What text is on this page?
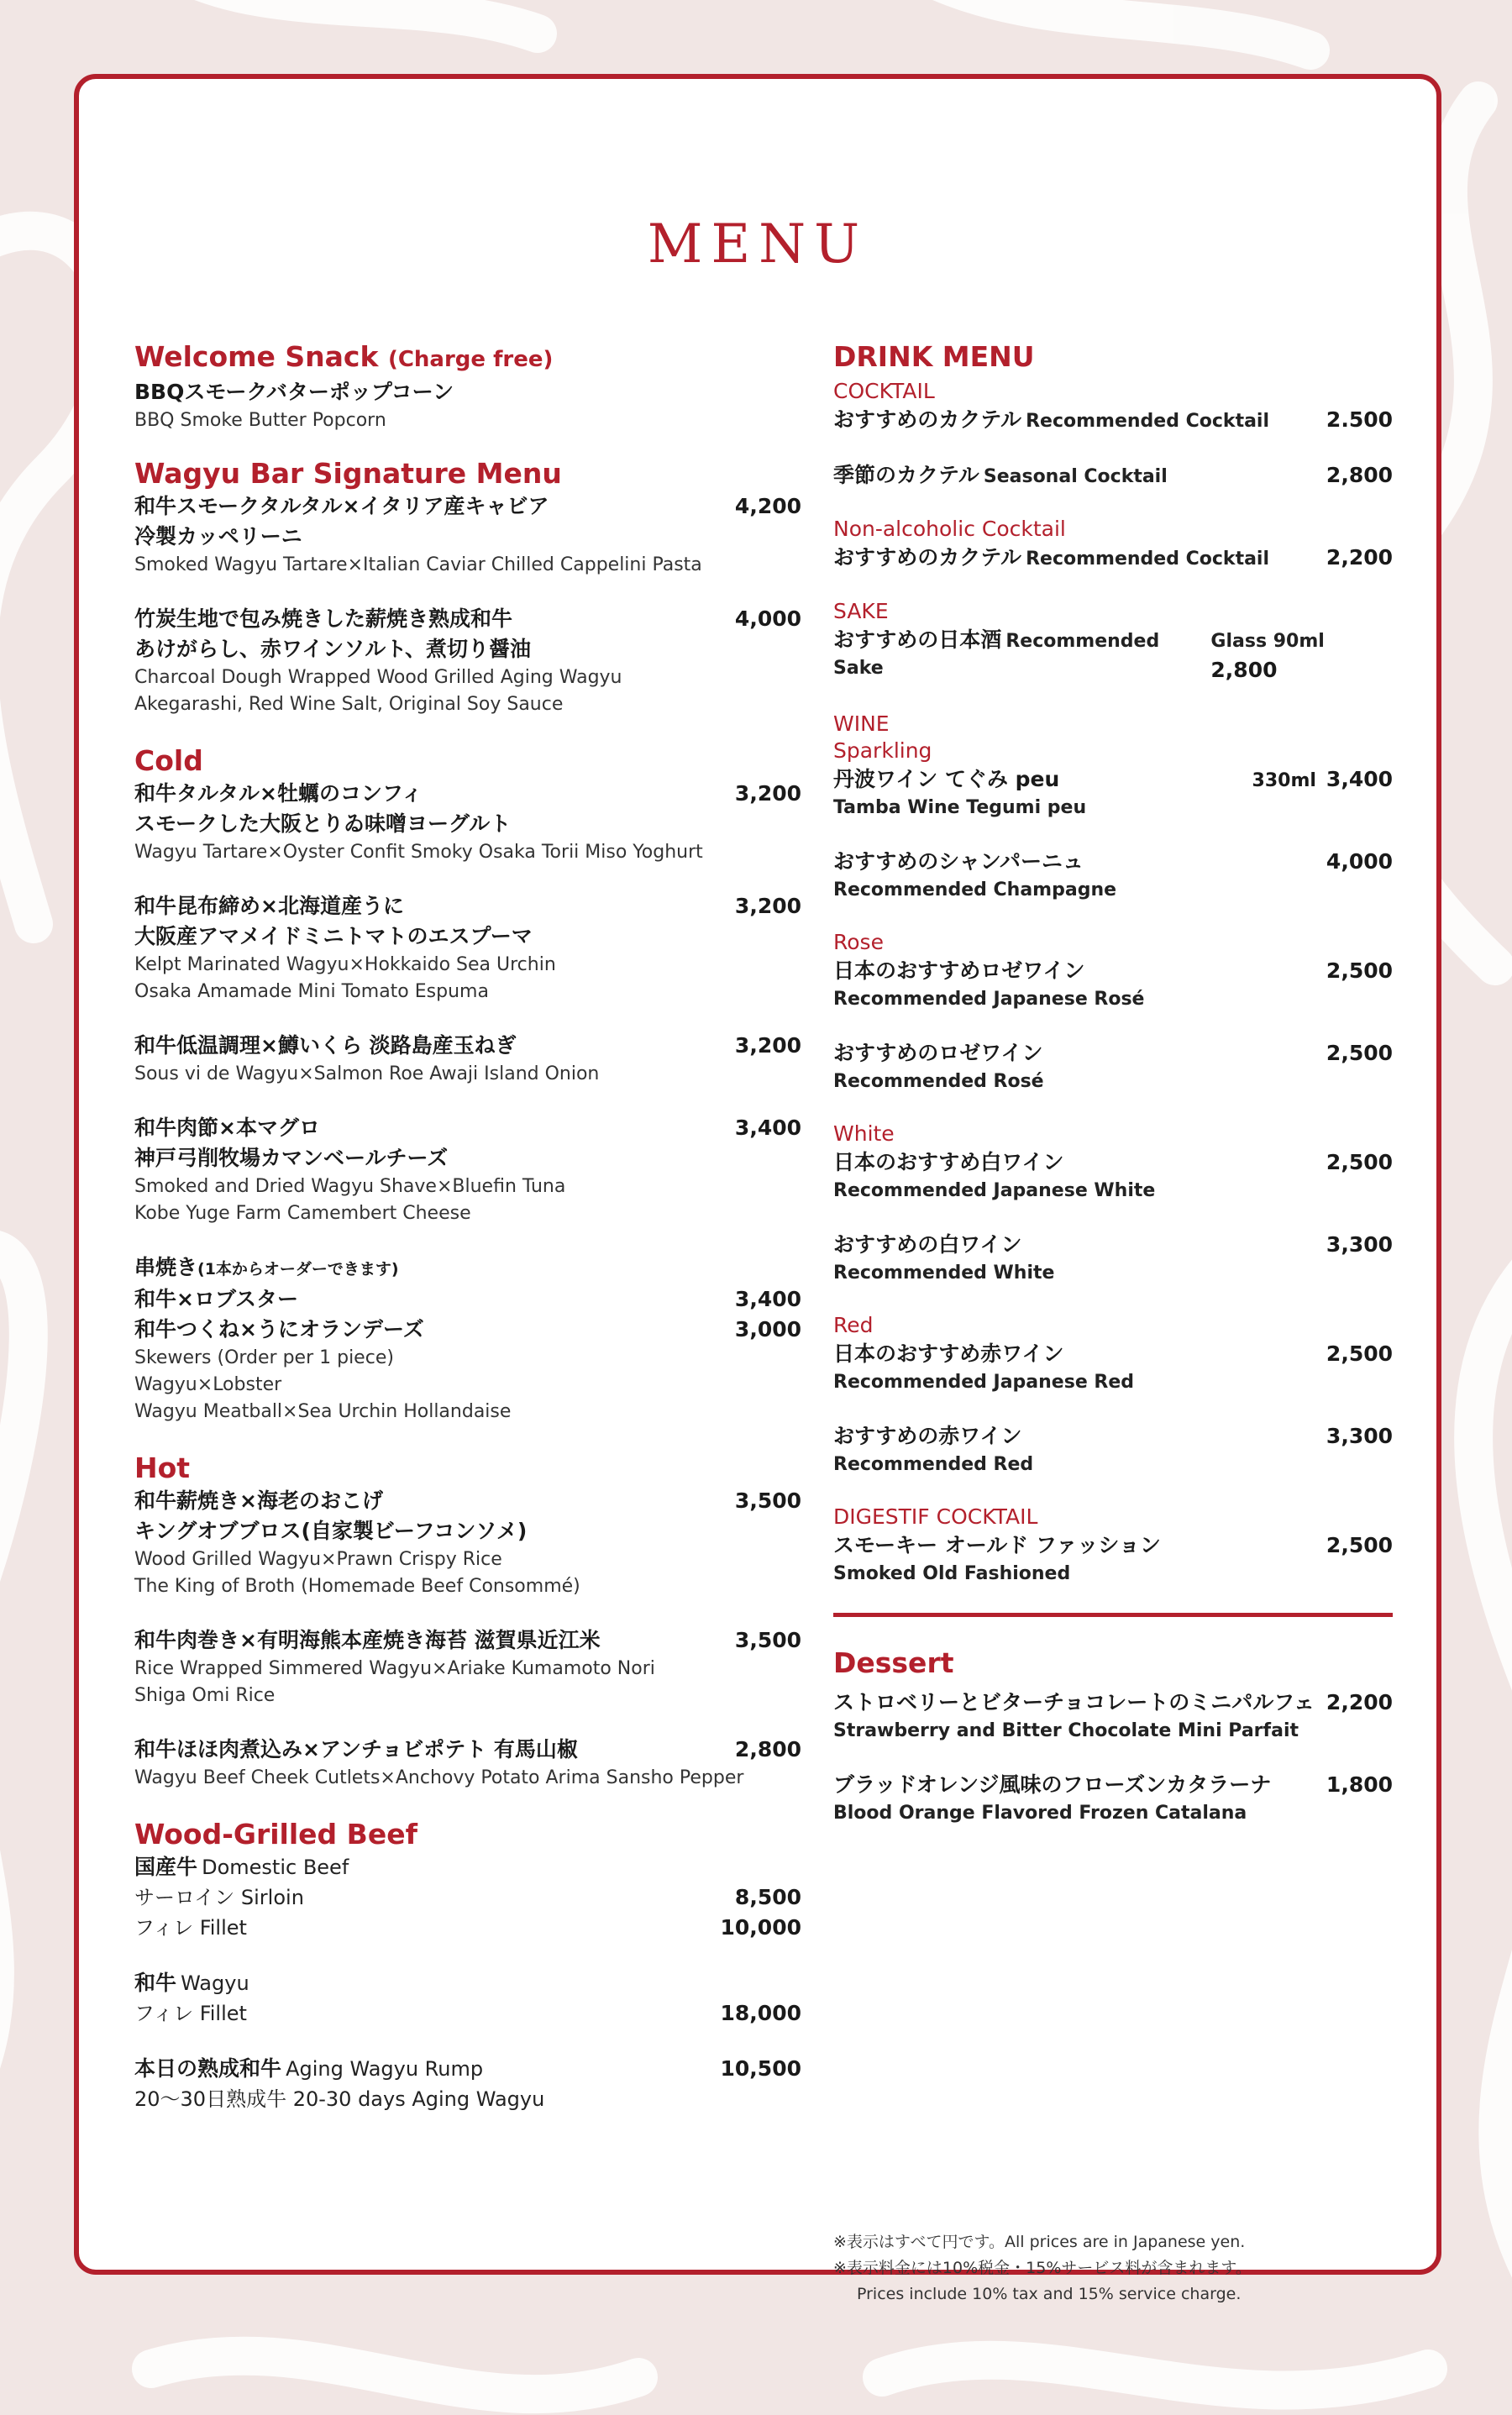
MENU
Welcome Snack (Charge free)
BBQスモークバターポップコーン
BBQ Smoke Butter Popcorn
Wagyu Bar Signature Menu
和牛スモークタルタル×イタリア産キャビア	4,200
冷製カッペリーニ
Smoked Wagyu Tartare×Italian Caviar Chilled Cappelini Pasta
竹炭生地で包み焼きした薪焼き熟成和牛	4,000
あけがらし、赤ワインソルト、煮切り醤油
Charcoal Dough Wrapped Wood Grilled Aging Wagyu
Akegarashi, Red Wine Salt, Original Soy Sauce
Cold
和牛タルタル×牡蠣のコンフィ	3,200
スモークした大阪とりゐ味噌ヨーグルト
Wagyu Tartare×Oyster Confit Smoky Osaka Torii Miso Yoghurt
和牛昆布締め×北海道産うに	3,200
大阪産アマメイドミニトマトのエスプーマ
Kelpt Marinated Wagyu×Hokkaido Sea Urchin
Osaka Amamade Mini Tomato Espuma
和牛低温調理×鱒いくら 淡路島産玉ねぎ	3,200
Sous vi de Wagyu×Salmon Roe Awaji Island Onion
和牛肉節×本マグロ	3,400
神戸弓削牧場カマンベールチーズ
Smoked and Dried Wagyu Shave×Bluefin Tuna
Kobe Yuge Farm Camembert Cheese
串焼き(1本からオーダーできます)
和牛×ロブスター	3,400
和牛つくね×うにオランデーズ	3,000
Skewers (Order per 1 piece)
Wagyu×Lobster
Wagyu Meatball×Sea Urchin Hollandaise
Hot
和牛薪焼き×海老のおこげ	3,500
キングオブブロス(自家製ビーフコンソメ)
Wood Grilled Wagyu×Prawn Crispy Rice
The King of Broth (Homemade Beef Consommé)
和牛肉巻き×有明海熊本産焼き海苔 滋賀県近江米	3,500
Rice Wrapped Simmered Wagyu×Ariake Kumamoto Nori
Shiga Omi Rice
和牛ほほ肉煮込み×アンチョビポテト 有馬山椒	2,800
Wagyu Beef Cheek Cutlets×Anchovy Potato Arima Sansho Pepper
Wood-Grilled Beef
国産牛 Domestic Beef
サーロイン Sirloin	8,500
フィレ Fillet	10,000
和牛 Wagyu
フィレ Fillet	18,000
本日の熟成和牛 Aging Wagyu Rump	10,500
20～30日熟成牛 20-30 days Aging Wagyu
DRINK MENU
COCKTAIL
おすすめのカクテル Recommended Cocktail	2.500
季節のカクテル Seasonal Cocktail	2,800
Non-alcoholic Cocktail
おすすめのカクテル Recommended Cocktail	2,200
SAKE
おすすめの日本酒 Recommended Sake
Glass 90ml 2,800
WINE
Sparkling
丹波ワイン てぐみ peu	330ml 3,400
Tamba Wine Tegumi peu
おすすめのシャンパーニュ	4,000
Recommended Champagne
Rose
日本のおすすめロゼワイン	2,500
Recommended Japanese Rosé
おすすめのロゼワイン	2,500
Recommended Rosé
White
日本のおすすめ白ワイン	2,500
Recommended Japanese White
おすすめの白ワイン	3,300
Recommended White
Red
日本のおすすめ赤ワイン	2,500
Recommended Japanese Red
おすすめの赤ワイン	3,300
Recommended Red
DIGESTIF COCKTAIL
スモーキー オールド ファッション	2,500
Smoked Old Fashioned
Dessert
ストロベリーとビターチョコレートのミニパルフェ 2,200
Strawberry and Bitter Chocolate Mini Parfait
ブラッドオレンジ風味のフローズンカタラーナ	1,800
Blood Orange Flavored Frozen Catalana
※表示はすべて円です。All prices are in Japanese yen.
※表示料金には10%税金・15%サービス料が含まれます。
Prices include 10% tax and 15% service charge.
